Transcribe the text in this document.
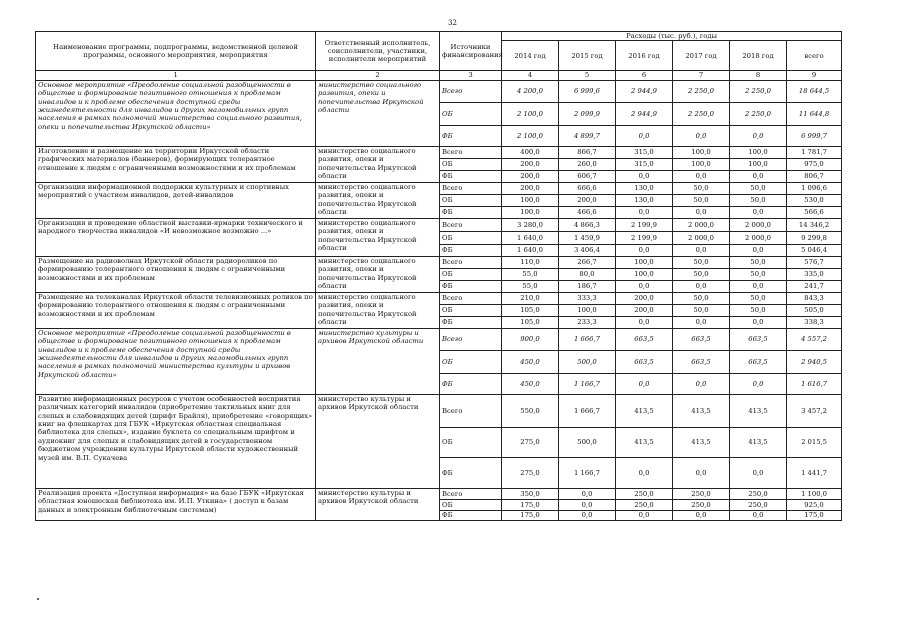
32
Наименование программы, подпрограммы, ведомственной целевой программы, основного мероприятия, мероприятия	Ответственный исполнитель, соисполнители, участники, исполнители мероприятий	Источники финансирования	Расходы (тыс. руб.), годы					
			2014 год	2015 год	2016 год	2017 год	2018 год	всего
1	2	3	4	5	6	7	8	9
Основное мероприятие «Преодоление социальной разобщенности в обществе и формирование позитивного отношения к проблемам инвалидов и к проблеме обеспечения доступной среды жизнедеятельности для инвалидов и других маломобильных групп населения в рамках полномочий министерства социального развития, опеки и попечительства Иркутской области»	министерство социального развития, опеки и попечительства Иркутской области	Всего	4 200,0	6 999,6	2 944,9	2 250,0	2 250,0	18 644,5
		ОБ	2 100,0	2 099,9	2 944,9	2 250,0	2 250,0	11 644,8
		ФБ	2 100,0	4 899,7	0,0	0,0	0,0	6 999,7
Изготовление и размещение на территории Иркутской области графических материалов (баннеров), формирующих толерантное отношение к людям с ограниченными возможностями и их проблемам	министерство социального развития, опеки и попечительства Иркутской области	Всего	400,0	866,7	315,0	100,0	100,0	1 781,7
		ОБ	200,0	260,0	315,0	100,0	100,0	975,0
		ФБ	200,0	606,7	0,0	0,0	0,0	806,7
Организация информационной поддержки культурных и спортивных мероприятий с участием инвалидов, детей-инвалидов	министерство социального развития, опеки и попечительства Иркутской области	Всего	200,0	666,6	130,0	50,0	50,0	1 096,6
		ОБ	100,0	200,0	130,0	50,0	50,0	530,0
		ФБ	100,0	466,6	0,0	0,0	0,0	566,6
Организация и проведение областной выставки-ярмарки технического и народного творчества инвалидов «И невозможное возможно ...»	министерство социального развития, опеки и попечительства Иркутской области	Всего	3 280,0	4 866,3	2 199,9	2 000,0	2 000,0	14 346,2
		ОБ	1 640,0	1 459,9	2 199,9	2 000,0	2 000,0	9 299,8
		ФБ	1 640,0	3 406,4	0,0	0,0	0,0	5 046,4
Размещение на радиоволнах Иркутской области радиороликов по формированию толерантного отношения к людям с ограниченными возможностями и их проблемам	министерство социального развития, опеки и попечительства Иркутской области	Всего	110,0	266,7	100,0	50,0	50,0	576,7
		ОБ	55,0	80,0	100,0	50,0	50,0	335,0
		ФБ	55,0	186,7	0,0	0,0	0,0	241,7
Размещение на телеканалах Иркутской области телевизионных роликов по формированию толерантного отношения к людям с ограниченными возможностями и их проблемам	министерство социального развития, опеки и попечительства Иркутской области	Всего	210,0	333,3	200,0	50,0	50,0	843,3
		ОБ	105,0	100,0	200,0	50,0	50,0	505,0
		ФБ	105,0	233,3	0,0	0,0	0,0	338,3
Основное мероприятие «Преодоление социальной разобщенности в обществе и формирование позитивного отношения к проблемам инвалидов и к проблеме обеспечения доступной среды жизнедеятельности для инвалидов и других маломобильных групп населения в рамках полномочий министерства культуры и архивов Иркутской области»	министерство культуры и архивов Иркутской области	Всего	900,0	1 666,7	663,5	663,5	663,5	4 557,2
		ОБ	450,0	500,0	663,5	663,5	663,5	2 940,5
		ФБ	450,0	1 166,7	0,0	0,0	0,0	1 616,7
Развитие информационных ресурсов с учетом особенностей восприятия различных категорий инвалидов (приобретение тактильных книг для слепых и слабовидящих детей (шрифт Брайля), приобретение «говорящих» книг на флешкартах для ГБУК «Иркутская областная специальная библиотека для слепых», издание буклета со специальным шрифтом и аудиокниг для слепых и слабовидящих детей в государственном бюджетном учреждении культуры Иркутской области художественный музей им. В.П. Сукачева	министерство культуры и архивов Иркутской области	Всего	550,0	1 666,7	413,5	413,5	413,5	3 457,2
		ОБ	275,0	500,0	413,5	413,5	413,5	2 015,5
		ФБ	275,0	1 166,7	0,0	0,0	0,0	1 441,7
Реализация проекта «Доступная информация» на базе ГБУК «Иркутская областная юношеская библиотека им. И.П. Уткина» ( доступ к базам данных и электронным библиотечным системам)	министерство культуры и архивов Иркутской области	Всего	350,0	0,0	250,0	250,0	250,0	1 100,0
		ОБ	175,0	0,0	250,0	250,0	250,0	925,0
		ФБ	175,0	0,0	0,0	0,0	0,0	175,0
